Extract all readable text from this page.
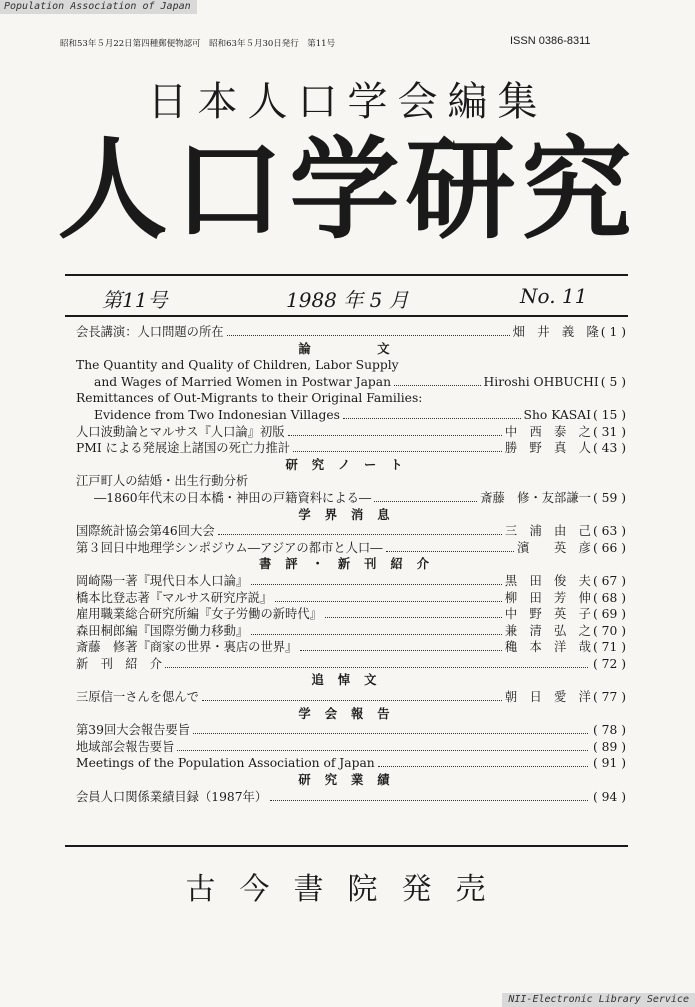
Population Association of Japan
昭和53年５月22日第四種郵便物認可　昭和63年５月30日発行　第11号	ISSN 0386-8311
日本人口学会編集
人口学研究
第11号	1988 年 5 月	No. 11
会長講演：人口問題の所在	畑　井　義　隆 ( 1 )
論　　文
The Quantity and Quality of Children, Labor Supply
and Wages of Married Women in Postwar Japan	Hiroshi OHBUCHI ( 5 )
Remittances of Out-Migrants to their Original Families:
Evidence from Two Indonesian Villages	Sho KASAI ( 15 )
人口波動論とマルサス『人口論』初版	中　西　泰　之 ( 31 )
PMI による発展途上諸国の死亡力推計	勝　野　真　人 ( 43 )
研究ノート
江戸町人の結婚・出生行動分析
―1860年代末の日本橋・神田の戸籍資料による―	斎藤　修・友部謙一 ( 59 )
学界消息
国際統計協会第46回大会	三　浦　由　己 ( 63 )
第３回日中地理学シンポジウム―アジアの都市と人口―	濱　　英　彦 ( 66 )
書評・新刊紹介
岡崎陽一著『現代日本人口論』	黒　田　俊　夫 ( 67 )
橋本比登志著『マルサス研究序説』	柳　田　芳　伸 ( 68 )
雇用職業総合研究所編『女子労働の新時代』	中　野　英　子 ( 69 )
森田桐郎編『国際労働力移動』	兼　清　弘　之 ( 70 )
斎藤　修著『商家の世界・裏店の世界』	穐　本　洋　哉 ( 71 )
新　刊　紹　介	( 72 )
追悼文
三原信一さんを偲んで	朝　日　愛　洋 ( 77 )
学会報告
第39回大会報告要旨	( 78 )
地域部会報告要旨	( 89 )
Meetings of the Population Association of Japan	( 91 )
研究業績
会員人口関係業績目録（1987年）	( 94 )
古今書院発売
NII-Electronic Library Service
